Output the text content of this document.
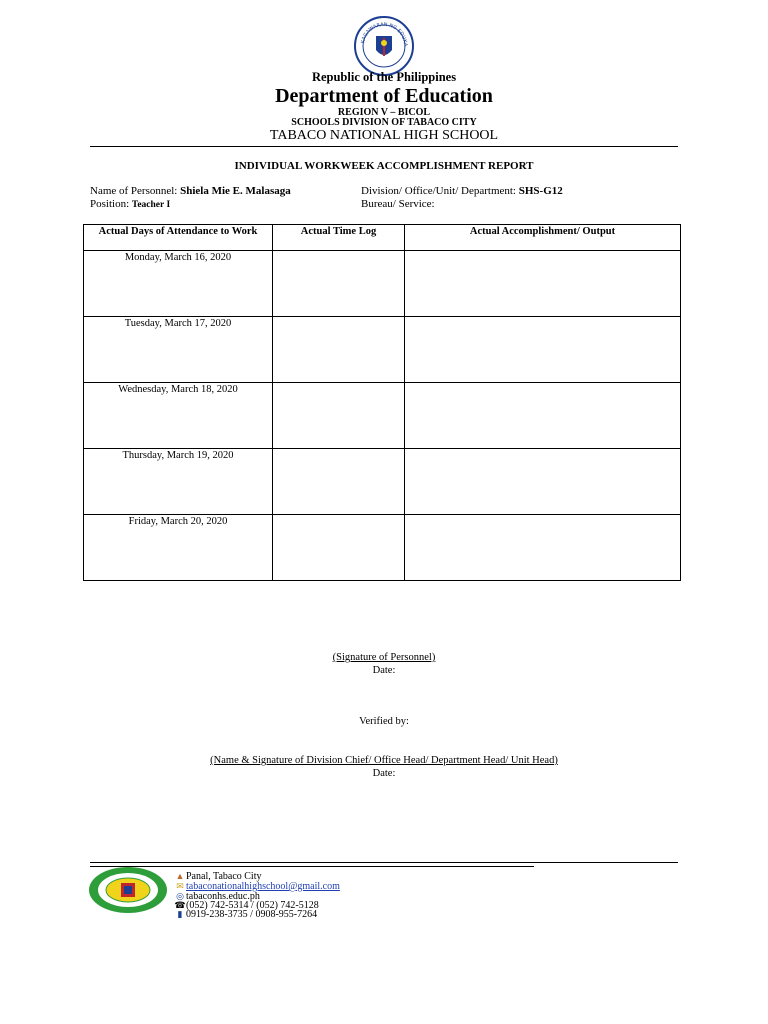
KAGAWARAN NG EDUKA
Republic of the Philippines
Department of Education
REGION V – BICOL
SCHOOLS DIVISION OF TABACO CITY
TABACO NATIONAL HIGH SCHOOL
INDIVIDUAL WORKWEEK ACCOMPLISHMENT REPORT
Name of Personnel: Shiela Mie E. Malasaga
Position: Teacher I
Division/ Office/Unit/ Department: SHS-G12
Bureau/ Service:
Actual Days of Attendance to Work	Actual Time Log	Actual Accomplishment/ Output
Monday, March 16, 2020		
Tuesday, March 17, 2020		
Wednesday, March 18, 2020		
Thursday, March 19, 2020		
Friday, March 20, 2020		
(Signature of Personnel)
Date:
Verified by:
(Name & Signature of Division Chief/ Office Head/ Department Head/ Unit Head)
Date:
▲ Panal, Tabaco City
✉ tabaconationalhighschool@gmail.com
◎ tabaconhs.educ.ph
☎(052) 742-5314 / (052) 742-5128
▮ 0919-238-3735 / 0908-955-7264
